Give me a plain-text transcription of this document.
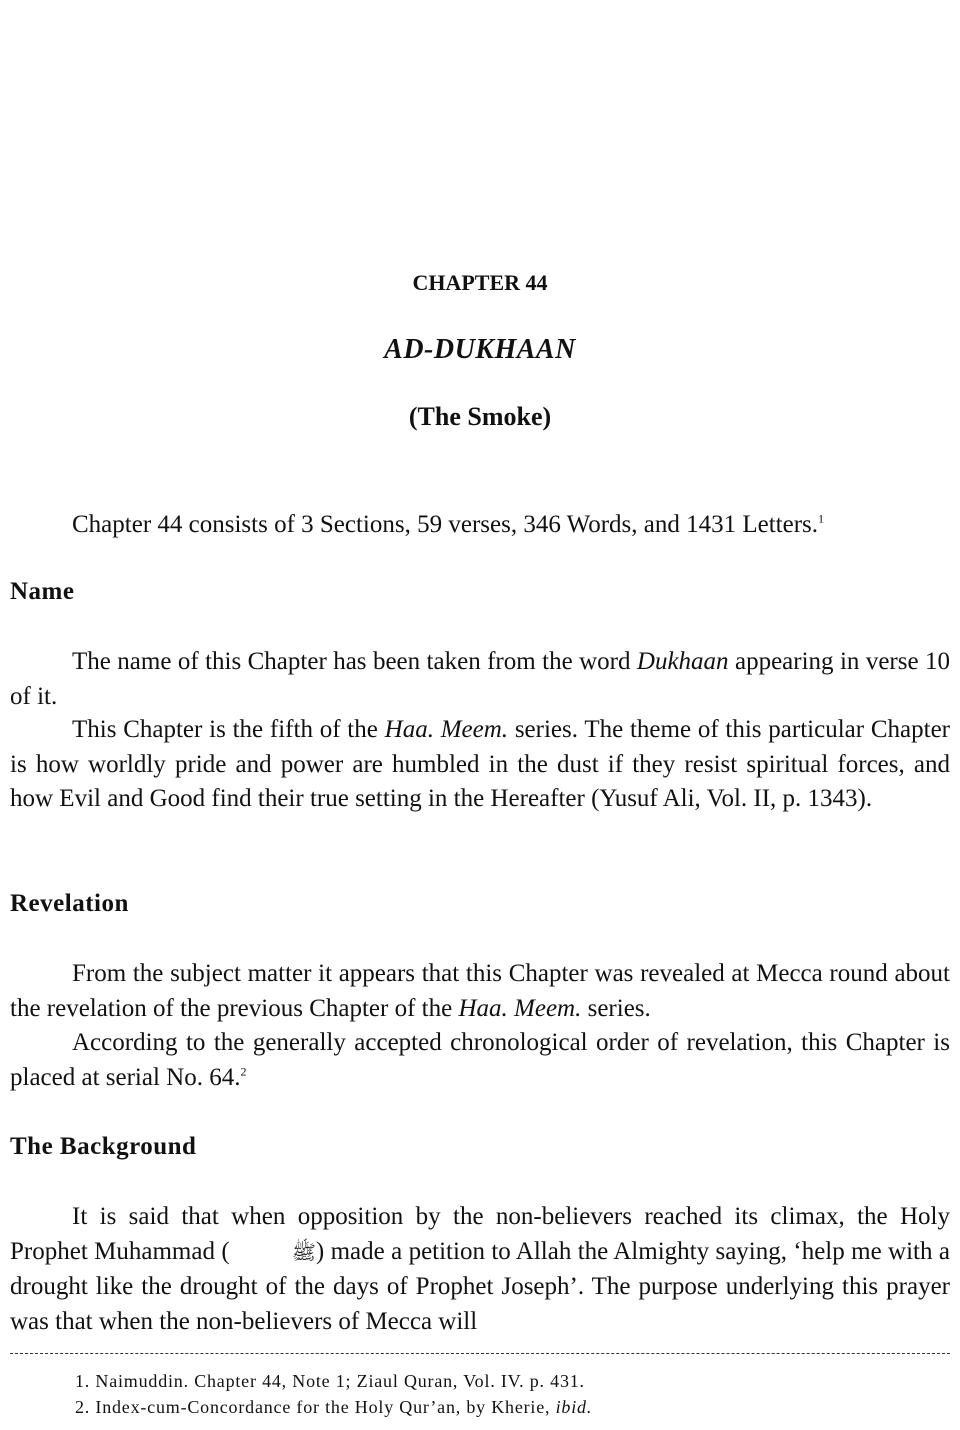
CHAPTER 44
AD-DUKHAAN
(The Smoke)

Chapter 44 consists of 3 Sections, 59 verses, 346 Words, and 1431 Letters.$^1$

Name

The name of this Chapter has been taken from the word Dukhaan appearing in verse 10 of it.

This Chapter is the fifth of the Haa. Meem. series. The theme of this particular Chapter is how worldly pride and power are humbled in the dust if they resist spiritual forces, and how Evil and Good find their true setting in the Hereafter (Yusuf Ali, Vol. II, p. 1343).

Revelation

From the subject matter it appears that this Chapter was revealed at Mecca round about the revelation of the previous Chapter of the Haa. Meem. series.

According to the generally accepted chronological order of revelation, this Chapter is placed at serial No. 64.$^2$

The Background

It is said that when opposition by the non-believers reached its climax, the Holy Prophet Muhammad (	ﷺ) made a petition to Allah the Almighty saying, ‘help me with a drought like the drought of the days of Prophet Joseph’. The purpose underlying this prayer was that when the non-believers of Mecca will

1. Naimuddin. Chapter 44, Note 1; Ziaul Quran, Vol. IV. p. 431.

2. Index-cum-Concordance for the Holy Qur’an, by Kherie, ibid.
